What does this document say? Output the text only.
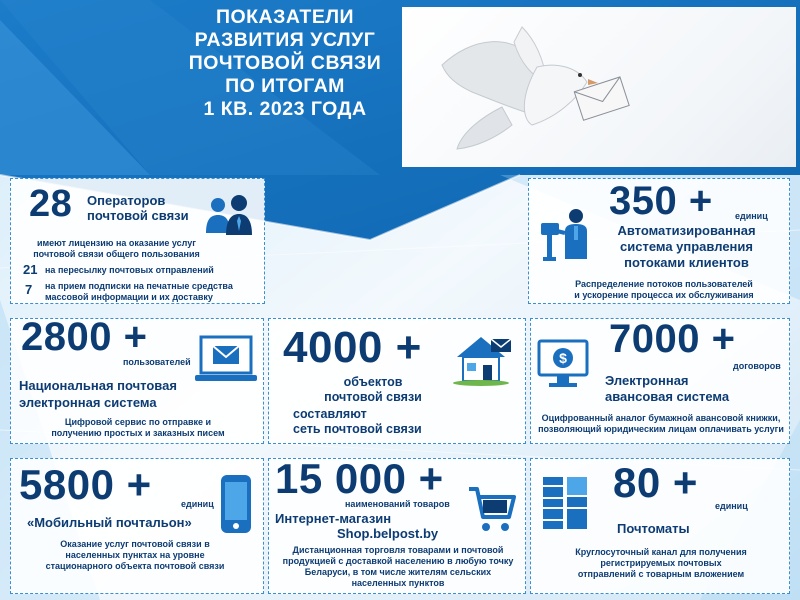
ПОКАЗАТЕЛИ
РАЗВИТИЯ УСЛУГ
ПОЧТОВОЙ СВЯЗИ
ПО ИТОГАМ
1 КВ. 2023 ГОДА
28 Операторов
почтовой связи
имеют лицензию на оказание услуг
почтовой связи общего пользования
21 на пересылку почтовых отправлений
7 на прием подписки на печатные средства
массовой информации и их доставку
350 + единиц
Автоматизированная
система управления
потоками клиентов
Распределение потоков пользователей
и ускорение процесса их обслуживания
2800 +
пользователей
Национальная почтовая
электронная система
Цифровой сервис по отправке и
получению простых и заказных писем
4000 +
объектов
почтовой связи
составляют
сеть почтовой связи
$ 7000 +
договоров
Электронная
авансовая система
Оцифрованный аналог бумажной авансовой книжки,
позволяющий юридическим лицам оплачивать услуги
5800 +	единиц
«Мобильный почтальон»
Оказание услуг почтовой связи в
населенных пунктах на уровне
стационарного объекта почтовой связи
15 000 +
наименований товаров
Интернет-магазин
Shop.belpost.by
Дистанционная торговля товарами и почтовой
продукцией с доставкой населению в любую точку
Беларуси, в том числе жителям сельских
населенных пунктов
80 + единиц
Почтоматы
Круглосуточный канал для получения
регистрируемых почтовых
отправлений с товарным вложением
